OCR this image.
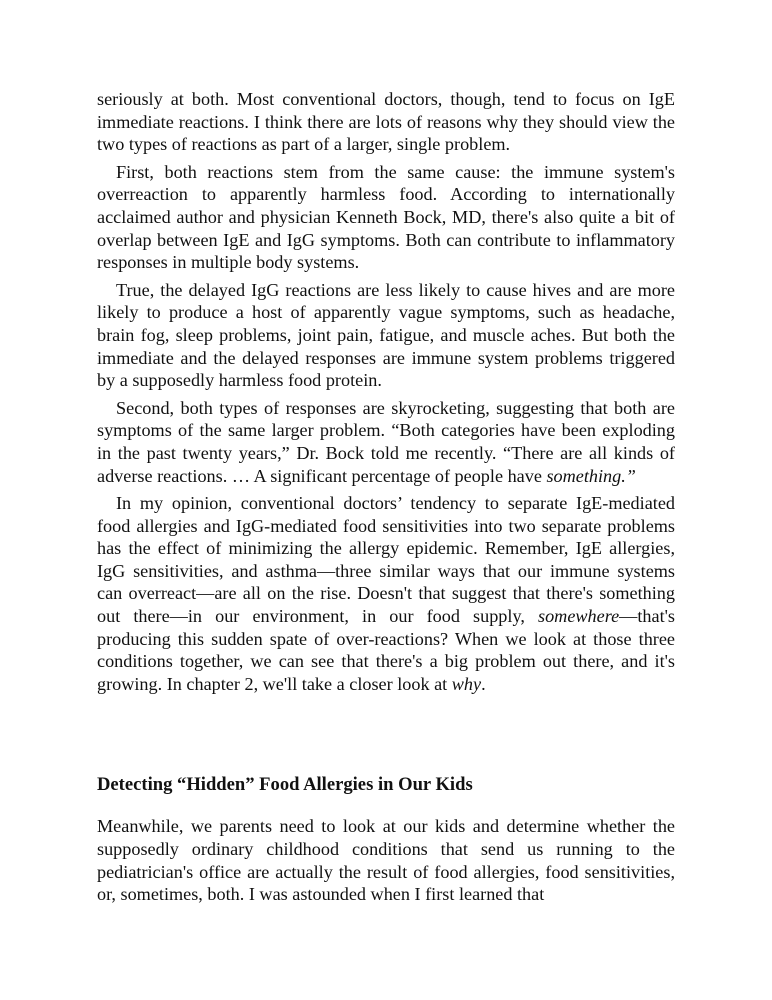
seriously at both. Most conventional doctors, though, tend to focus on IgE immediate reactions. I think there are lots of reasons why they should view the two types of reactions as part of a larger, single problem.

First, both reactions stem from the same cause: the immune system's overreaction to apparently harmless food. According to internationally acclaimed author and physician Kenneth Bock, MD, there's also quite a bit of overlap between IgE and IgG symptoms. Both can contribute to inflammatory responses in multiple body systems.

True, the delayed IgG reactions are less likely to cause hives and are more likely to produce a host of apparently vague symptoms, such as headache, brain fog, sleep problems, joint pain, fatigue, and muscle aches. But both the immediate and the delayed responses are immune system problems triggered by a supposedly harmless food protein.

Second, both types of responses are skyrocketing, suggesting that both are symptoms of the same larger problem. “Both categories have been exploding in the past twenty years,” Dr. Bock told me recently. “There are all kinds of adverse reactions. … A significant percentage of people have something.”

In my opinion, conventional doctors’ tendency to separate IgE-mediated food allergies and IgG-mediated food sensitivities into two separate problems has the effect of minimizing the allergy epidemic. Remember, IgE allergies, IgG sensitivities, and asthma—three similar ways that our immune systems can overreact—are all on the rise. Doesn't that suggest that there's something out there—in our environment, in our food supply, somewhere—that's producing this sudden spate of over-reactions? When we look at those three conditions together, we can see that there's a big problem out there, and it's growing. In chapter 2, we'll take a closer look at why.

Detecting “Hidden” Food Allergies in Our Kids

Meanwhile, we parents need to look at our kids and determine whether the supposedly ordinary childhood conditions that send us running to the pediatrician's office are actually the result of food allergies, food sensitivities, or, sometimes, both. I was astounded when I first learned that
